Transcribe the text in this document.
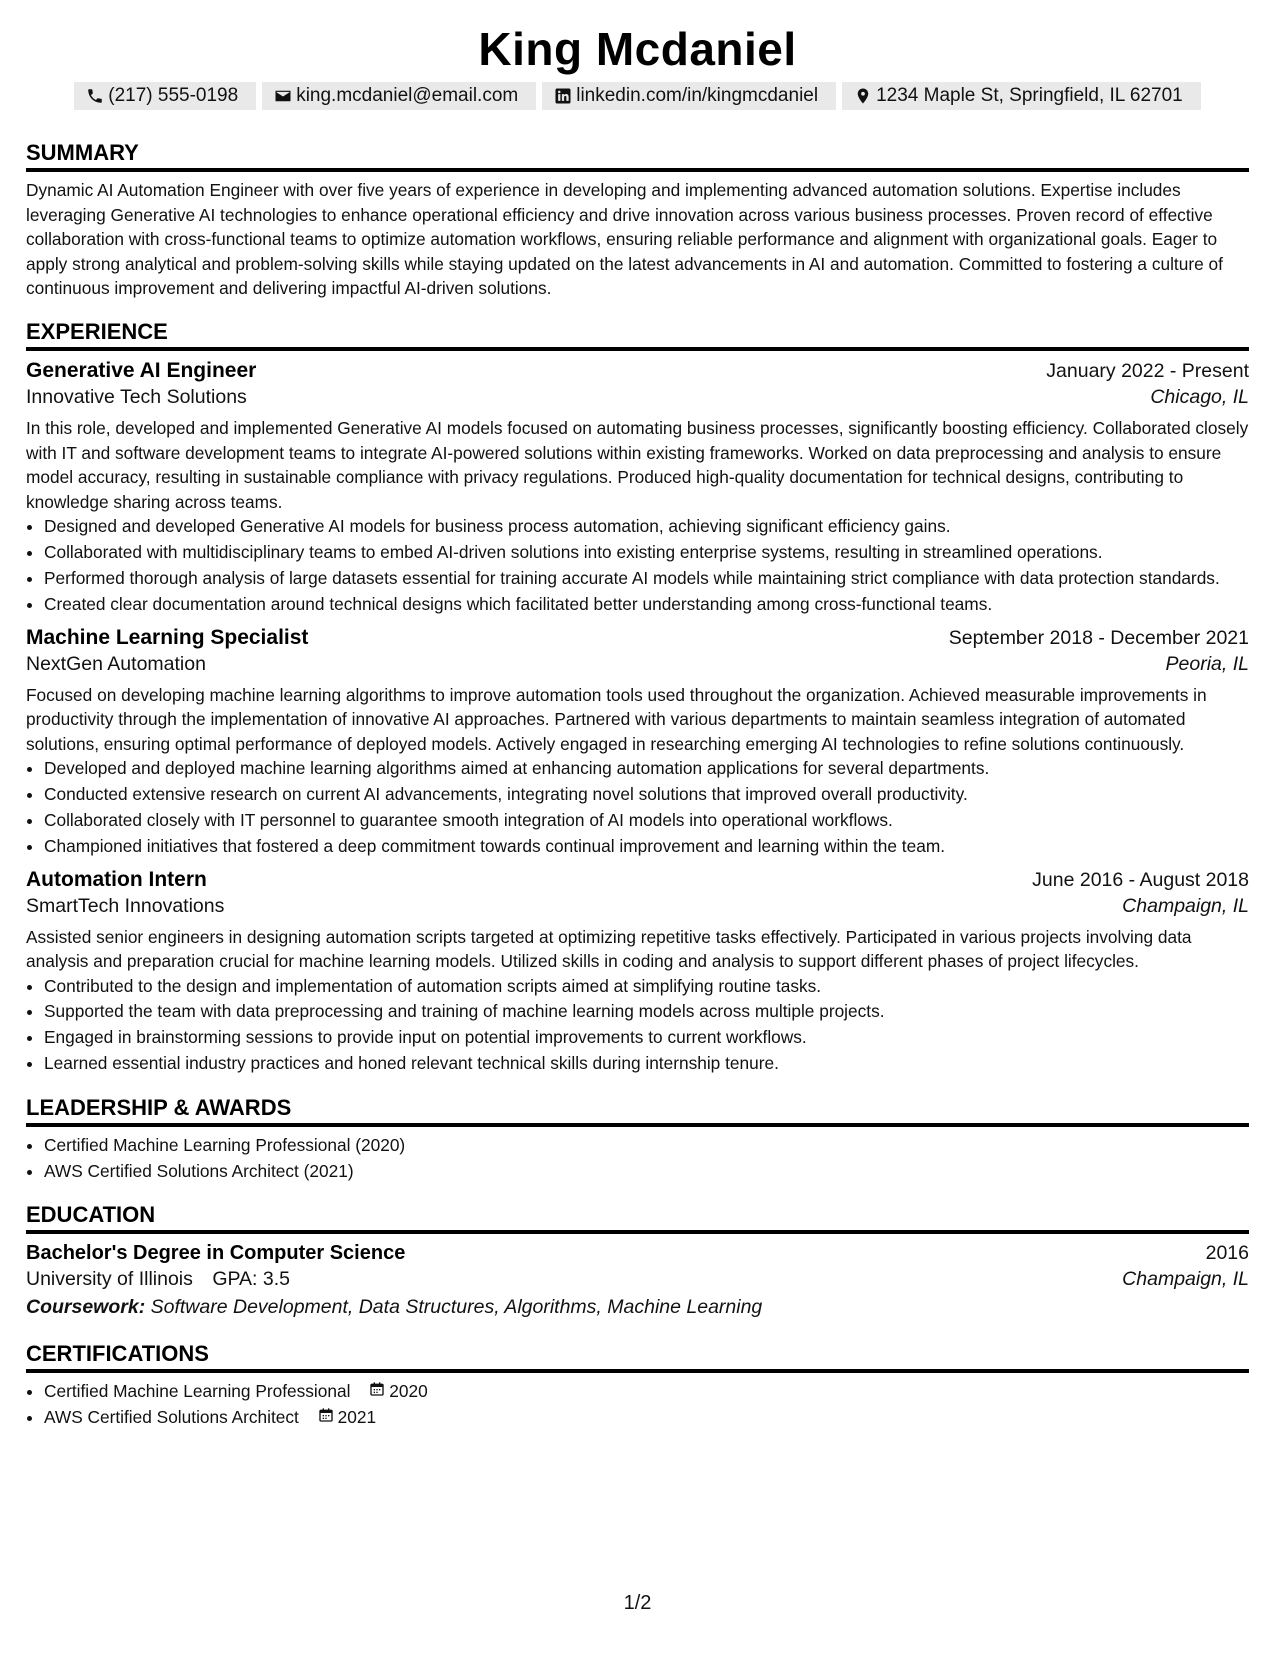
King Mcdaniel
(217) 555-0198	king.mcdaniel@email.com	linkedin.com/in/kingmcdaniel	1234 Maple St, Springfield, IL 62701
SUMMARY

Dynamic AI Automation Engineer with over five years of experience in developing and implementing advanced automation solutions. Expertise includes leveraging Generative AI technologies to enhance operational efficiency and drive innovation across various business processes. Proven record of effective collaboration with cross-functional teams to optimize automation workflows, ensuring reliable performance and alignment with organizational goals. Eager to apply strong analytical and problem-solving skills while staying updated on the latest advancements in AI and automation. Committed to fostering a culture of continuous improvement and delivering impactful AI-driven solutions.

EXPERIENCE
Generative AI Engineer	January 2022 - Present
Innovative Tech Solutions	Chicago, IL

In this role, developed and implemented Generative AI models focused on automating business processes, significantly boosting efficiency. Collaborated closely with IT and software development teams to integrate AI-powered solutions within existing frameworks. Worked on data preprocessing and analysis to ensure model accuracy, resulting in sustainable compliance with privacy regulations. Produced high-quality documentation for technical designs, contributing to knowledge sharing across teams.

• Designed and developed Generative AI models for business process automation, achieving significant efficiency gains.
• Collaborated with multidisciplinary teams to embed AI-driven solutions into existing enterprise systems, resulting in streamlined operations.
• Performed thorough analysis of large datasets essential for training accurate AI models while maintaining strict compliance with data protection standards.
• Created clear documentation around technical designs which facilitated better understanding among cross-functional teams.
Machine Learning Specialist	September 2018 - December 2021
NextGen Automation	Peoria, IL

Focused on developing machine learning algorithms to improve automation tools used throughout the organization. Achieved measurable improvements in productivity through the implementation of innovative AI approaches. Partnered with various departments to maintain seamless integration of automated solutions, ensuring optimal performance of deployed models. Actively engaged in researching emerging AI technologies to refine solutions continuously.

• Developed and deployed machine learning algorithms aimed at enhancing automation applications for several departments.
• Conducted extensive research on current AI advancements, integrating novel solutions that improved overall productivity.
• Collaborated closely with IT personnel to guarantee smooth integration of AI models into operational workflows.
• Championed initiatives that fostered a deep commitment towards continual improvement and learning within the team.
Automation Intern	June 2016 - August 2018
SmartTech Innovations	Champaign, IL

Assisted senior engineers in designing automation scripts targeted at optimizing repetitive tasks effectively. Participated in various projects involving data analysis and preparation crucial for machine learning models. Utilized skills in coding and analysis to support different phases of project lifecycles.

• Contributed to the design and implementation of automation scripts aimed at simplifying routine tasks.
• Supported the team with data preprocessing and training of machine learning models across multiple projects.
• Engaged in brainstorming sessions to provide input on potential improvements to current workflows.
• Learned essential industry practices and honed relevant technical skills during internship tenure.
LEADERSHIP & AWARDS
• Certified Machine Learning Professional (2020)
• AWS Certified Solutions Architect (2021)
EDUCATION
Bachelor's Degree in Computer Science	2016
University of Illinois GPA: 3.5	Champaign, IL
Coursework: Software Development, Data Structures, Algorithms, Machine Learning
CERTIFICATIONS
• Certified Machine Learning Professional 2020
• AWS Certified Solutions Architect 2021
1/2
